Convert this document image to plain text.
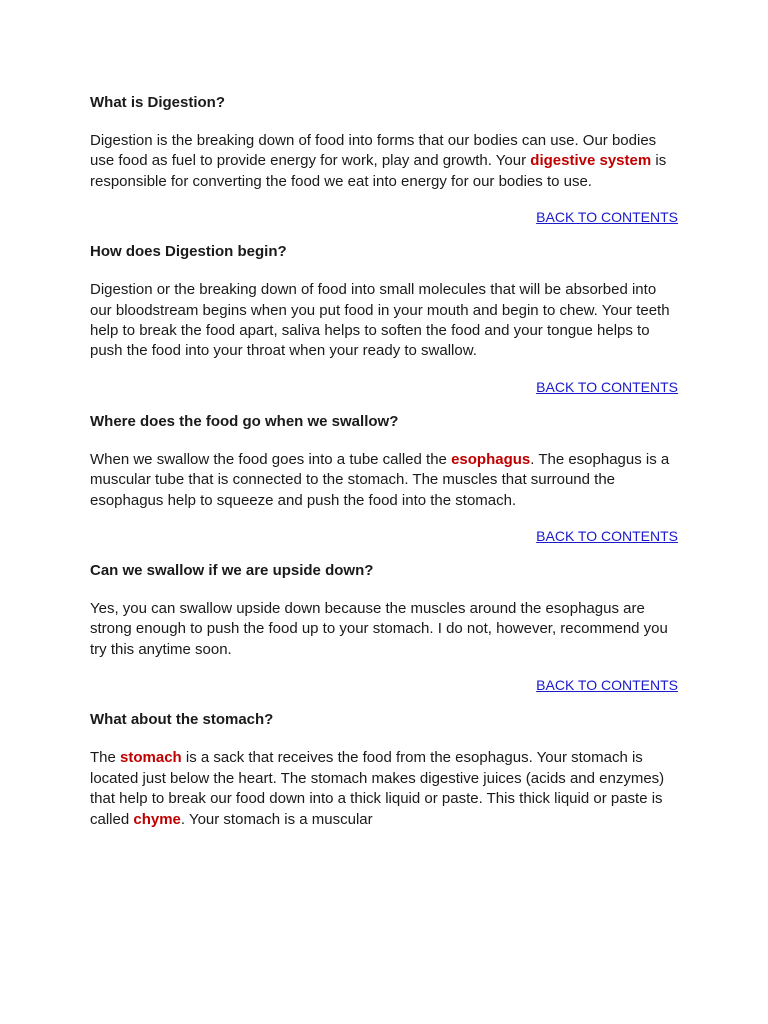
What is Digestion?

Digestion is the breaking down of food into forms that our bodies can use. Our bodies use food as fuel to provide energy for work, play and growth. Your digestive system is responsible for converting the food we eat into energy for our bodies to use.

BACK TO CONTENTS
How does Digestion begin?

Digestion or the breaking down of food into small molecules that will be absorbed into our bloodstream begins when you put food in your mouth and begin to chew. Your teeth help to break the food apart, saliva helps to soften the food and your tongue helps to push the food into your throat when your ready to swallow.

BACK TO CONTENTS
Where does the food go when we swallow?

When we swallow the food goes into a tube called the esophagus. The esophagus is a muscular tube that is connected to the stomach. The muscles that surround the esophagus help to squeeze and push the food into the stomach.

BACK TO CONTENTS
Can we swallow if we are upside down?

Yes, you can swallow upside down because the muscles around the esophagus are strong enough to push the food up to your stomach. I do not, however, recommend you try this anytime soon.

BACK TO CONTENTS
What about the stomach?

The stomach is a sack that receives the food from the esophagus. Your stomach is located just below the heart. The stomach makes digestive juices (acids and enzymes) that help to break our food down into a thick liquid or paste. This thick liquid or paste is called chyme. Your stomach is a muscular
